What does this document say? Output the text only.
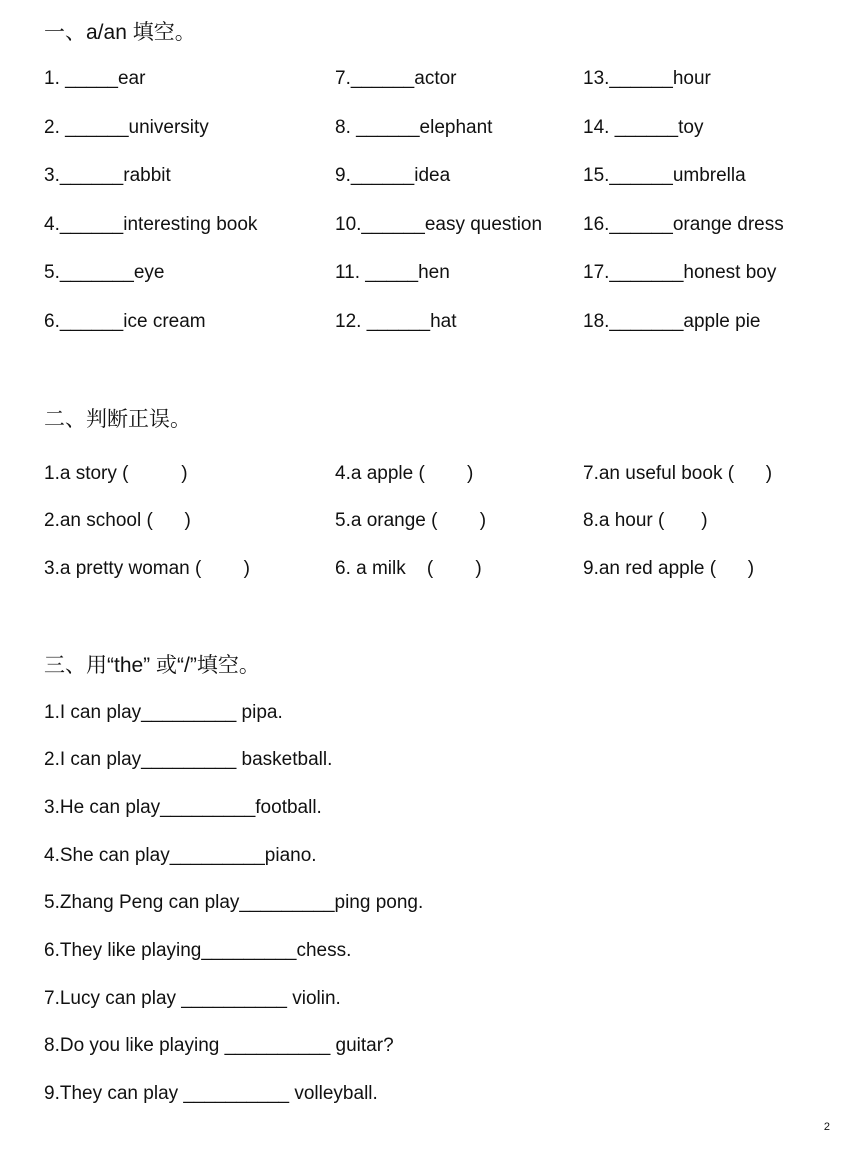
一、a/an 填空。
1. _____ear
2. ______university
3.______rabbit
4.______interesting book
5._______eye
6.______ice cream
7.______actor
8. ______elephant
9.______idea
10.______easy question
11. _____hen
12. ______hat
13.______hour
14. ______toy
15.______umbrella
16.______orange dress
17._______honest boy
18._______apple pie
二、判断正误。
1.a story (          )
2.an school (      )
3.a pretty woman (        )
4.a apple (        )
5.a orange (        )
6. a milk    (        )
7.an useful book (      )
8.a hour (       )
9.an red apple (      )
三、用“the” 或“/”填空。
1.I can play_________ pipa.
2.I can play_________ basketball.
3.He can play_________football.
4.She can play_________piano.
5.Zhang Peng can play_________ping pong.
6.They like playing_________chess.
7.Lucy can play __________ violin.
8.Do you like playing __________ guitar?
9.They can play __________ volleyball.
2
